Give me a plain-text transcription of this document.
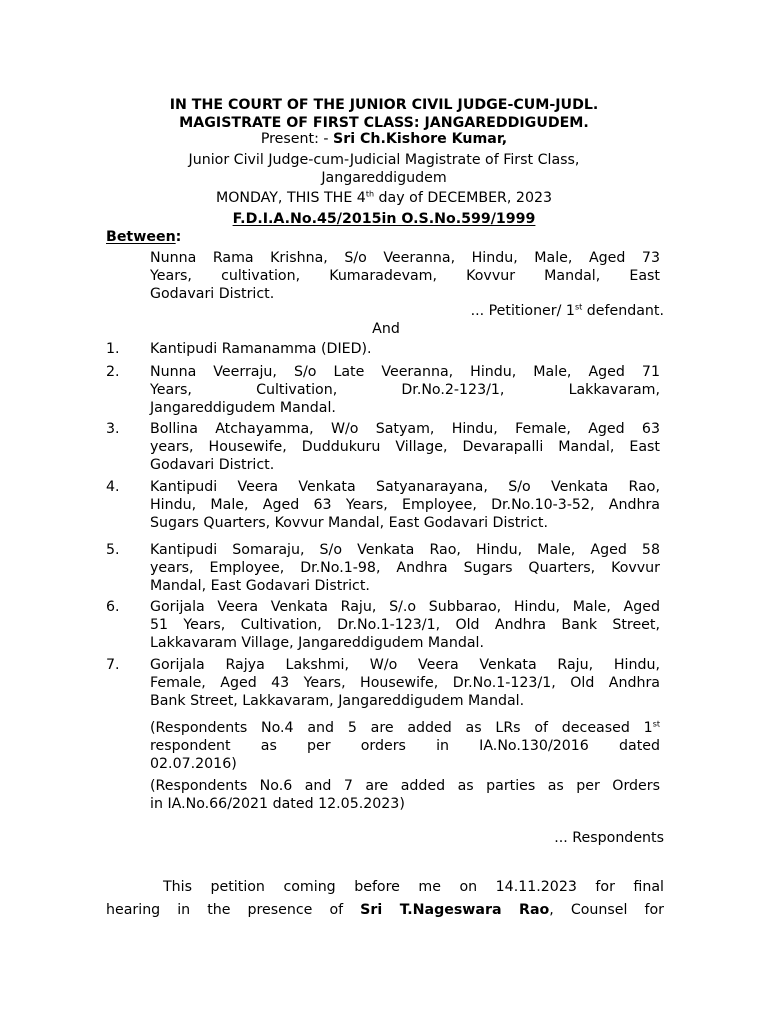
IN THE COURT OF THE JUNIOR CIVIL JUDGE-CUM-JUDL.
MAGISTRATE OF FIRST CLASS: JANGAREDDIGUDEM.
Present: - Sri Ch.Kishore Kumar,
Junior Civil Judge-cum-Judicial Magistrate of First Class,
Jangareddigudem
MONDAY, THIS THE 4th day of DECEMBER, 2023
F.D.I.A.No.45/2015in O.S.No.599/1999
Between:
Nunna Rama Krishna, S/o Veeranna, Hindu, Male, Aged 73
Years, cultivation, Kumaradevam, Kovvur Mandal, East
Godavari District.
... Petitioner/ 1st defendant.
And
1. Kantipudi Ramanamma (DIED).
2. Nunna Veerraju, S/o Late Veeranna, Hindu, Male, Aged 71
Years, Cultivation, Dr.No.2-123/1, Lakkavaram,
Jangareddigudem Mandal.
3. Bollina Atchayamma, W/o Satyam, Hindu, Female, Aged 63
years, Housewife, Duddukuru Village, Devarapalli Mandal, East
Godavari District.
4. Kantipudi Veera Venkata Satyanarayana, S/o Venkata Rao,
Hindu, Male, Aged 63 Years, Employee, Dr.No.10-3-52, Andhra
Sugars Quarters, Kovvur Mandal, East Godavari District.
5. Kantipudi Somaraju, S/o Venkata Rao, Hindu, Male, Aged 58
years, Employee, Dr.No.1-98, Andhra Sugars Quarters, Kovvur
Mandal, East Godavari District.
6. Gorijala Veera Venkata Raju, S/.o Subbarao, Hindu, Male, Aged
51 Years, Cultivation, Dr.No.1-123/1, Old Andhra Bank Street,
Lakkavaram Village, Jangareddigudem Mandal.
7. Gorijala Rajya Lakshmi, W/o Veera Venkata Raju, Hindu,
Female, Aged 43 Years, Housewife, Dr.No.1-123/1, Old Andhra
Bank Street, Lakkavaram, Jangareddigudem Mandal.
(Respondents No.4 and 5 are added as LRs of deceased 1st
respondent as per orders in IA.No.130/2016 dated
02.07.2016)
(Respondents No.6 and 7 are added as parties as per Orders
in IA.No.66/2021 dated 12.05.2023)
... Respondents
This petition coming before me on 14.11.2023 for final
hearing in the presence of Sri T.Nageswara Rao, Counsel for
